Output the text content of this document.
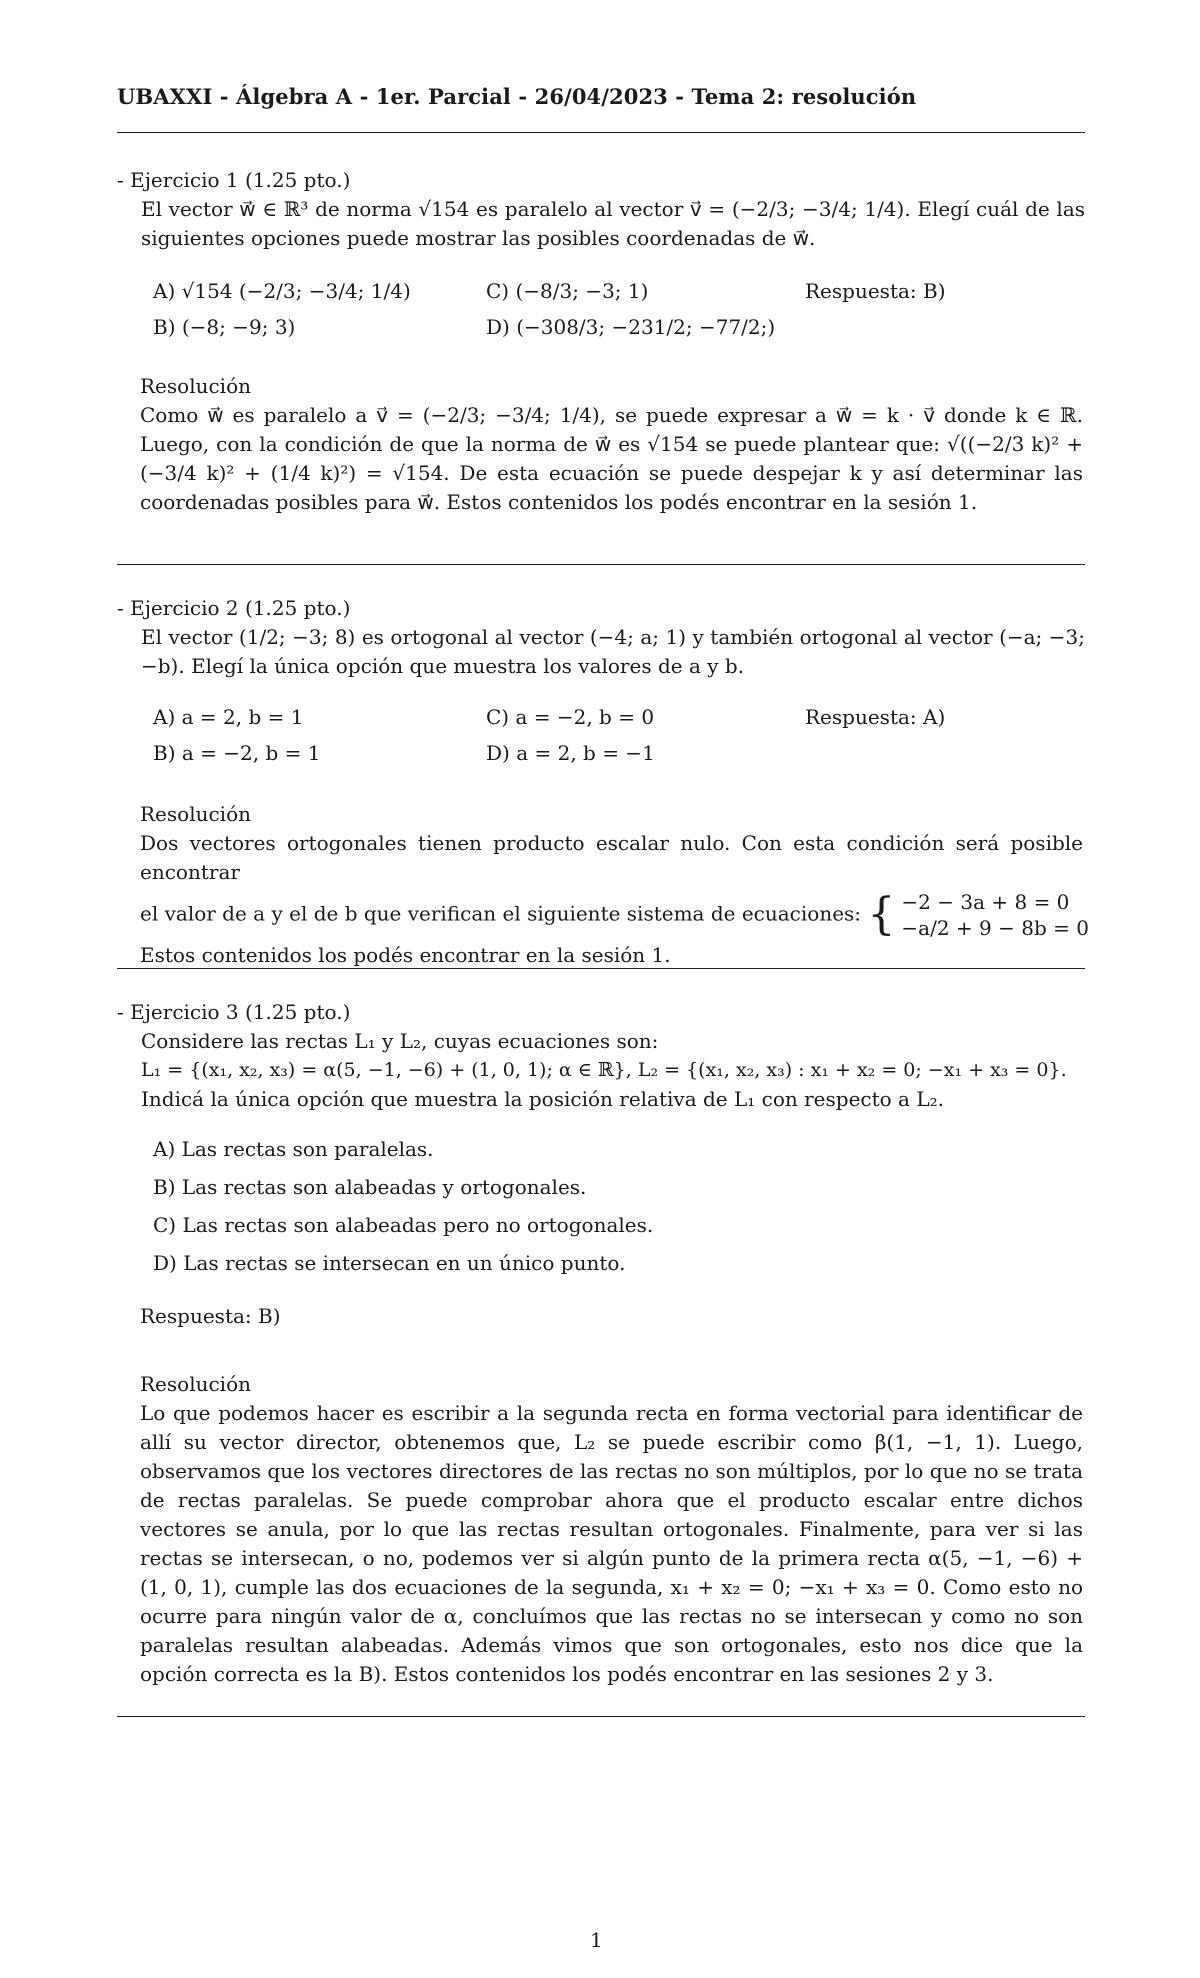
UBAXXI - Álgebra A - 1er. Parcial - 26/04/2023 - Tema 2: resolución

- Ejercicio 1 (1.25 pto.)

El vector w⃗ ∈ ℝ³ de norma √154 es paralelo al vector v⃗ = (−2/3; −3/4; 1/4). Elegí cuál de las siguientes opciones puede mostrar las posibles coordenadas de w⃗.

A) √154 (−2/3; −3/4; 1/4)
B) (−8; −9; 3)
C) (−8/3; −3; 1)
D) (−308/3; −231/2; −77/2;)
Respuesta: B)

Resolución

Como w⃗ es paralelo a v⃗ = (−2/3; −3/4; 1/4), se puede expresar a w⃗ = k · v⃗ donde k ∈ ℝ. Luego, con la condición de que la norma de w⃗ es √154 se puede plantear que: √((−2/3 k)² + (−3/4 k)² + (1/4 k)²) = √154. De esta ecuación se puede despejar k y así determinar las coordenadas posibles para w⃗. Estos contenidos los podés encontrar en la sesión 1.

- Ejercicio 2 (1.25 pto.)

El vector (1/2; −3; 8) es ortogonal al vector (−4; a; 1) y también ortogonal al vector (−a; −3; −b). Elegí la única opción que muestra los valores de a y b.

A) a = 2, b = 1
B) a = −2, b = 1
C) a = −2, b = 0
D) a = 2, b = −1
Respuesta: A)

Resolución

Dos vectores ortogonales tienen producto escalar nulo. Con esta condición será posible encontrar

el valor de a y el de b que verifican el siguiente sistema de ecuaciones: { −2 − 3a + 8 = 0
−a/2 + 9 − 8b = 0

Estos contenidos los podés encontrar en la sesión 1.

- Ejercicio 3 (1.25 pto.)

Considere las rectas L₁ y L₂, cuyas ecuaciones son:

L₁ = {(x₁, x₂, x₃) = α(5, −1, −6) + (1, 0, 1); α ∈ ℝ}, L₂ = {(x₁, x₂, x₃) : x₁ + x₂ = 0; −x₁ + x₃ = 0}.

Indicá la única opción que muestra la posición relativa de L₁ con respecto a L₂.

A) Las rectas son paralelas.
B) Las rectas son alabeadas y ortogonales.
C) Las rectas son alabeadas pero no ortogonales.
D) Las rectas se intersecan en un único punto.

Respuesta: B)

Resolución

Lo que podemos hacer es escribir a la segunda recta en forma vectorial para identificar de allí su vector director, obtenemos que, L₂ se puede escribir como β(1, −1, 1). Luego, observamos que los vectores directores de las rectas no son múltiplos, por lo que no se trata de rectas paralelas. Se puede comprobar ahora que el producto escalar entre dichos vectores se anula, por lo que las rectas resultan ortogonales. Finalmente, para ver si las rectas se intersecan, o no, podemos ver si algún punto de la primera recta α(5, −1, −6) + (1, 0, 1), cumple las dos ecuaciones de la segunda, x₁ + x₂ = 0; −x₁ + x₃ = 0. Como esto no ocurre para ningún valor de α, concluímos que las rectas no se intersecan y como no son paralelas resultan alabeadas. Además vimos que son ortogonales, esto nos dice que la opción correcta es la B). Estos contenidos los podés encontrar en las sesiones 2 y 3.

1
